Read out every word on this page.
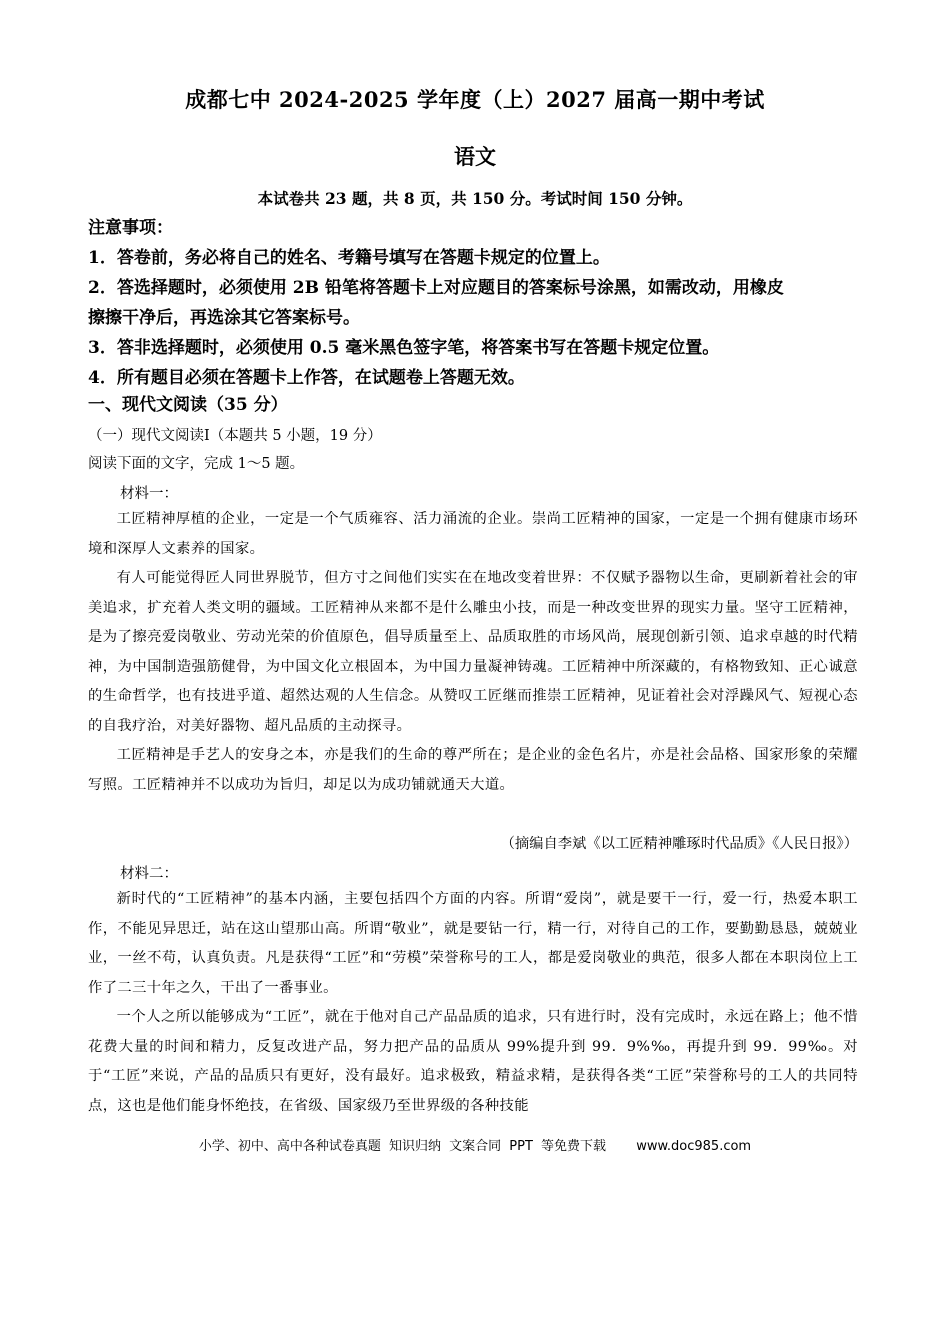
成都七中 2024-2025 学年度（上）2027 届高一期中考试
语文
本试卷共 23 题，共 8 页，共 150 分。考试时间 150 分钟。
注意事项：
1．答卷前，务必将自己的姓名、考籍号填写在答题卡规定的位置上。
2．答选择题时，必须使用 2B 铅笔将答题卡上对应题目的答案标号涂黑，如需改动，用橡皮
擦擦干净后，再选涂其它答案标号。
3．答非选择题时，必须使用 0.5 毫米黑色签字笔，将答案书写在答题卡规定位置。
4．所有题目必须在答题卡上作答，在试题卷上答题无效。
一、现代文阅读（35 分）
（一）现代文阅读Ⅰ（本题共 5 小题，19 分）
阅读下面的文字，完成 1～5 题。
材料一：

工匠精神厚植的企业，一定是一个气质雍容、活力涌流的企业。崇尚工匠精神的国家，一定是一个拥有健康市场环境和深厚人文素养的国家。

有人可能觉得匠人同世界脱节，但方寸之间他们实实在在地改变着世界：不仅赋予器物以生命，更刷新着社会的审美追求，扩充着人类文明的疆域。工匠精神从来都不是什么雕虫小技，而是一种改变世界的现实力量。坚守工匠精神，是为了擦亮爱岗敬业、劳动光荣的价值原色，倡导质量至上、品质取胜的市场风尚，展现创新引领、追求卓越的时代精神，为中国制造强筋健骨，为中国文化立根固本，为中国力量凝神铸魂。工匠精神中所深藏的，有格物致知、正心诚意的生命哲学，也有技进乎道、超然达观的人生信念。从赞叹工匠继而推崇工匠精神，见证着社会对浮躁风气、短视心态的自我疗治，对美好器物、超凡品质的主动探寻。

工匠精神是手艺人的安身之本，亦是我们的生命的尊严所在；是企业的金色名片，亦是社会品格、国家形象的荣耀写照。工匠精神并不以成功为旨归，却足以为成功铺就通天大道。

（摘编自李斌《以工匠精神雕琢时代品质》《人民日报》）
材料二：

新时代的“工匠精神”的基本内涵，主要包括四个方面的内容。所谓“爱岗”，就是要干一行，爱一行，热爱本职工作，不能见异思迁，站在这山望那山高。所谓“敬业”，就是要钻一行，精一行，对待自己的工作，要勤勤恳恳，兢兢业业，一丝不苟，认真负责。凡是获得“工匠”和“劳模”荣誉称号的工人，都是爱岗敬业的典范，很多人都在本职岗位上工作了二三十年之久，干出了一番事业。

一个人之所以能够成为“工匠”，就在于他对自己产品品质的追求，只有进行时，没有完成时，永远在路上；他不惜花费大量的时间和精力，反复改进产品，努力把产品的品质从 99%提升到 99．9%‰，再提升到 99．99‰。对于“工匠”来说，产品的品质只有更好，没有最好。追求极致，精益求精，是获得各类“工匠”荣誉称号的工人的共同特点，这也是他们能身怀绝技，在省级、国家级乃至世界级的各种技能

小学、初中、高中各种试卷真题 知识归纳 文案合同 PPT 等免费下载 www.doc985.com
